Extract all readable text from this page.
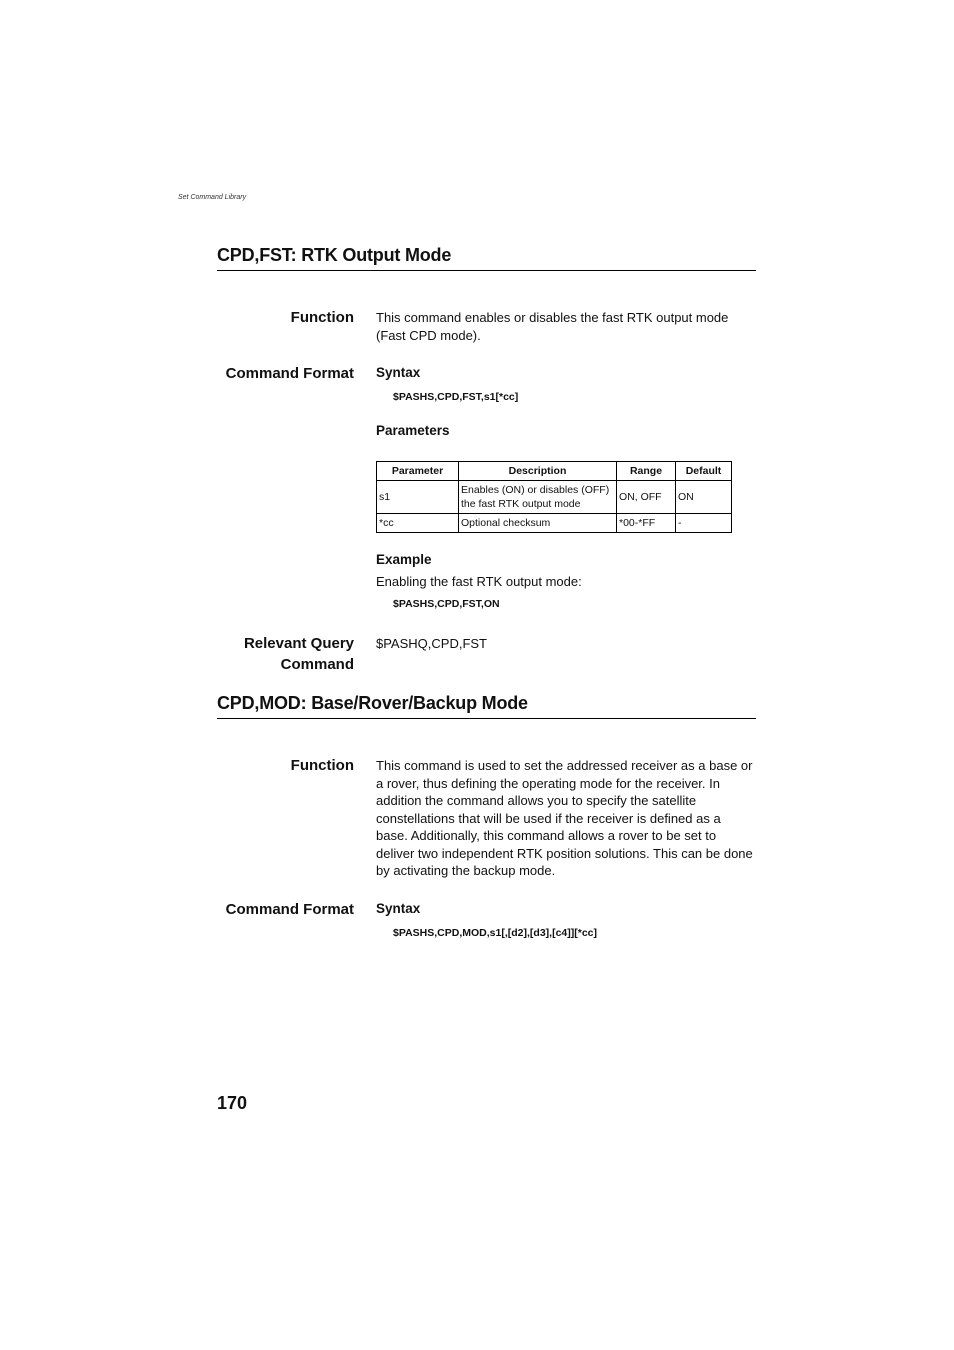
Set Command Library
CPD,FST: RTK Output Mode
Function This command enables or disables the fast RTK output mode (Fast CPD mode).
Command Format Syntax
$PASHS,CPD,FST,s1[*cc]
Parameters
Parameter	Description	Range	Default
s1	Enables (ON) or disables (OFF) the fast RTK output mode	ON, OFF	ON
*cc	Optional checksum	*00-*FF	-
Example
Enabling the fast RTK output mode:
$PASHS,CPD,FST,ON
Relevant Query
Command
$PASHQ,CPD,FST
CPD,MOD: Base/Rover/Backup Mode
Function This command is used to set the addressed receiver as a base or a rover, thus defining the operating mode for the receiver. In addition the command allows you to specify the satellite constellations that will be used if the receiver is defined as a base. Additionally, this command allows a rover to be set to deliver two independent RTK position solutions. This can be done by activating the backup mode.
Command Format Syntax
$PASHS,CPD,MOD,s1[,[d2],[d3],[c4]][*cc]
170
